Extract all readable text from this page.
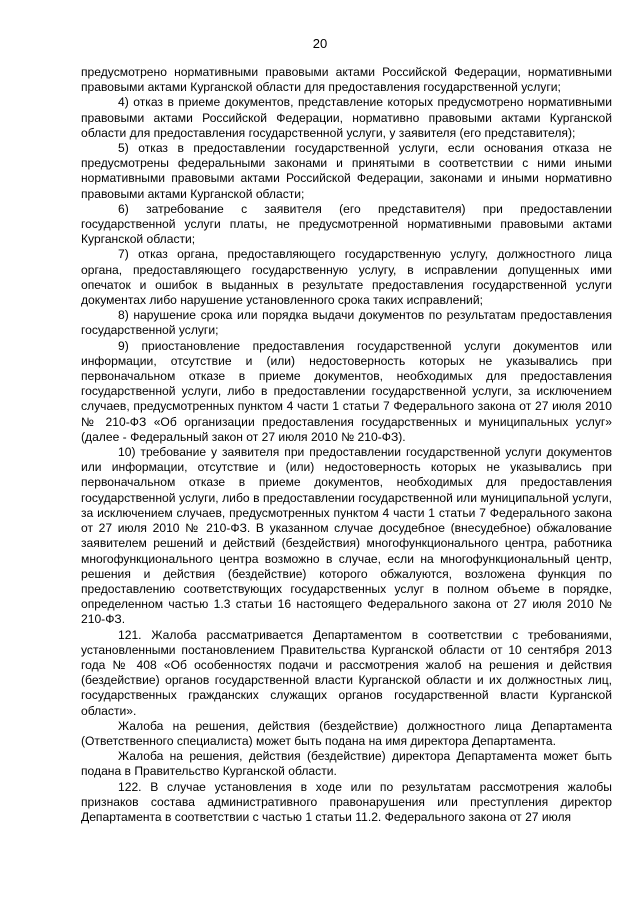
20

предусмотрено нормативными правовыми актами Российской Федерации, нормативными правовыми актами Курганской области для предоставления государственной услуги;

4) отказ в приеме документов, представление которых предусмотрено нормативными правовыми актами Российской Федерации, нормативно правовыми актами Курганской области для предоставления государственной услуги, у заявителя (его представителя);

5) отказ в предоставлении государственной услуги, если основания отказа не предусмотрены федеральными законами и принятыми в соответствии с ними иными нормативными правовыми актами Российской Федерации, законами и иными нормативно правовыми актами Курганской области;

6) затребование с заявителя (его представителя) при предоставлении государственной услуги платы, не предусмотренной нормативными правовыми актами Курганской области;

7) отказ органа, предоставляющего государственную услугу, должностного лица органа, предоставляющего государственную услугу, в исправлении допущенных ими опечаток и ошибок в выданных в результате предоставления государственной услуги документах либо нарушение установленного срока таких исправлений;

8) нарушение срока или порядка выдачи документов по результатам предоставления государственной услуги;

9) приостановление предоставления государственной услуги документов или информации, отсутствие и (или) недостоверность которых не указывались при первоначальном отказе в приеме документов, необходимых для предоставления государственной услуги, либо в предоставлении государственной услуги, за исключением случаев, предусмотренных пунктом 4 части 1 статьи 7 Федерального закона от 27 июля 2010 № 210-ФЗ «Об организации предоставления государственных и муниципальных услуг» (далее - Федеральный закон от 27 июля 2010 № 210-ФЗ).

10) требование у заявителя при предоставлении государственной услуги документов или информации, отсутствие и (или) недостоверность которых не указывались при первоначальном отказе в приеме документов, необходимых для предоставления государственной услуги, либо в предоставлении государственной или муниципальной услуги, за исключением случаев, предусмотренных пунктом 4 части 1 статьи 7 Федерального закона от 27 июля 2010 № 210-ФЗ. В указанном случае досудебное (внесудебное) обжалование заявителем решений и действий (бездействия) многофункционального центра, работника многофункционального центра возможно в случае, если на многофункциональный центр, решения и действия (бездействие) которого обжалуются, возложена функция по предоставлению соответствующих государственных услуг в полном объеме в порядке, определенном частью 1.3 статьи 16 настоящего Федерального закона от 27 июля 2010 № 210-ФЗ.

121. Жалоба рассматривается Департаментом в соответствии с требованиями, установленными постановлением Правительства Курганской области от 10 сентября 2013 года № 408 «Об особенностях подачи и рассмотрения жалоб на решения и действия (бездействие) органов государственной власти Курганской области и их должностных лиц, государственных гражданских служащих органов государственной власти Курганской области».

Жалоба на решения, действия (бездействие) должностного лица Департамента (Ответственного специалиста) может быть подана на имя директора Департамента.

Жалоба на решения, действия (бездействие) директора Департамента может быть подана в Правительство Курганской области.

122. В случае установления в ходе или по результатам рассмотрения жалобы признаков состава административного правонарушения или преступления директор Департамента в соответствии с частью 1 статьи 11.2. Федерального закона от 27 июля
